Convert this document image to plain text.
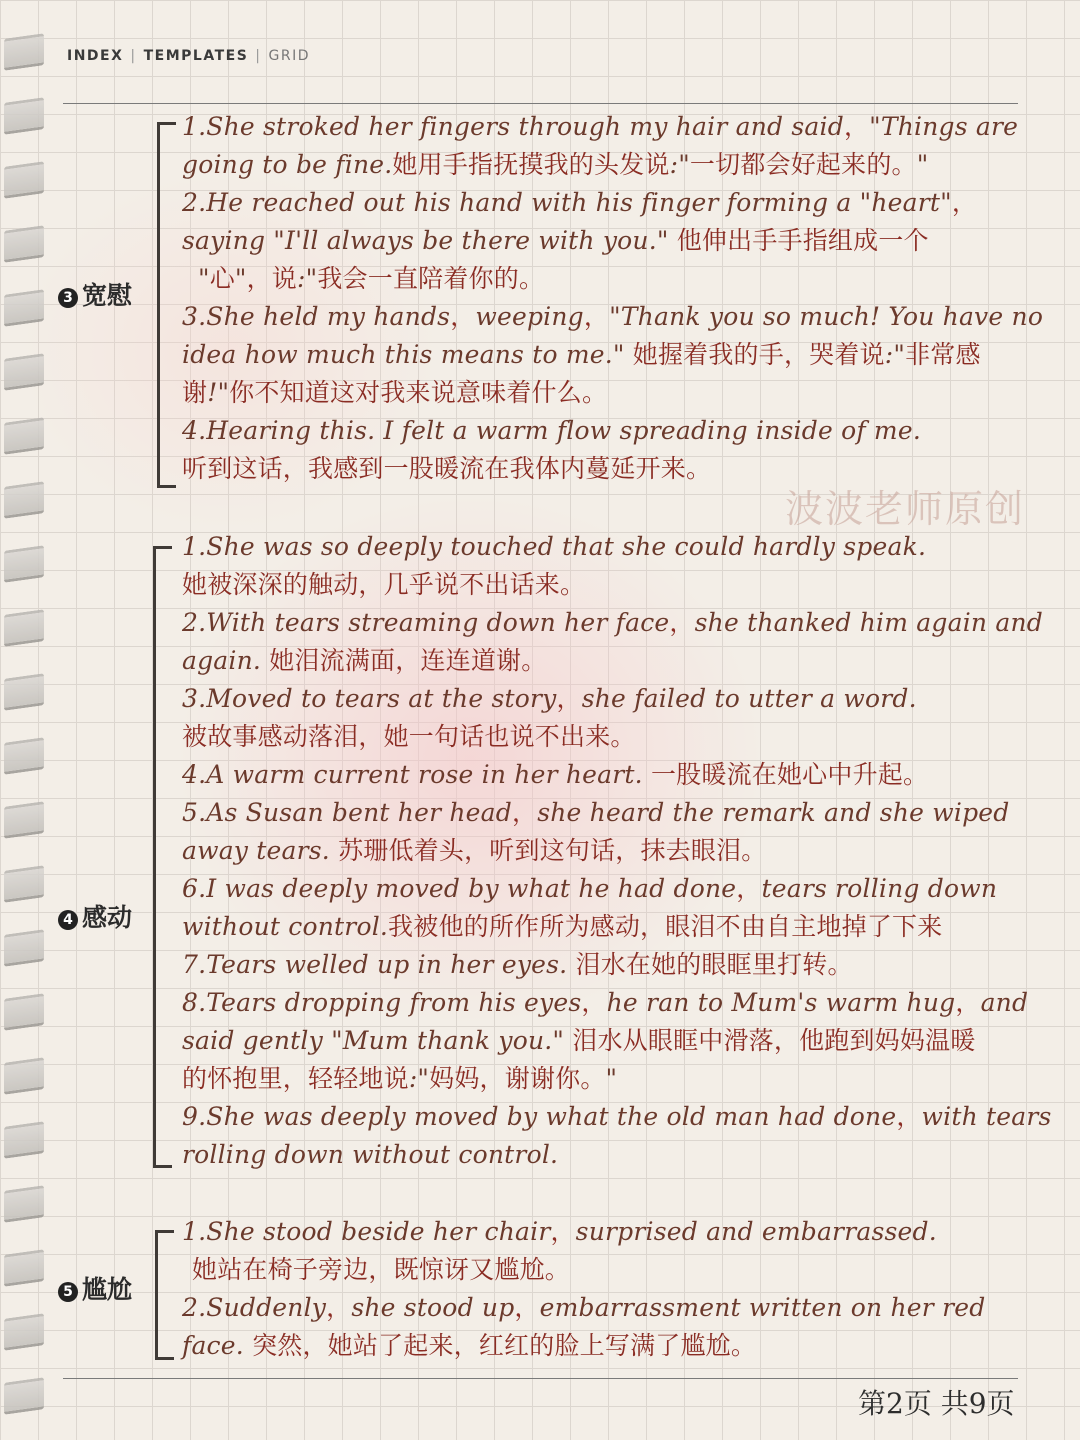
INDEX | TEMPLATES | GRID
3 宽慰

1.She stroked her fingers through my hair and said，"Things are

going to be fine.她用手指抚摸我的头发说:"一切都会好起来的。"

2.He reached out his hand with his finger forming a "heart"，

saying "I'll always be there with you." 他伸出手手指组成一个

"心"，说:"我会一直陪着你的。

3.She held my hands，weeping，"Thank you so much! You have no

idea how much this means to me." 她握着我的手，哭着说:"非常感

谢!"你不知道这对我来说意味着什么。

4.Hearing this. I felt a warm flow spreading inside of me.

听到这话，我感到一股暖流在我体内蔓延开来。

波波老师原创
4 感动

1.She was so deeply touched that she could hardly speak.

她被深深的触动，几乎说不出话来。

2.With tears streaming down her face，she thanked him again and

again. 她泪流满面，连连道谢。

3.Moved to tears at the story，she failed to utter a word.

被故事感动落泪，她一句话也说不出来。

4.A warm current rose in her heart. 一股暖流在她心中升起。

5.As Susan bent her head，she heard the remark and she wiped

away tears. 苏珊低着头，听到这句话，抹去眼泪。

6.I was deeply moved by what he had done，tears rolling down

without control.我被他的所作所为感动，眼泪不由自主地掉了下来

7.Tears welled up in her eyes. 泪水在她的眼眶里打转。

8.Tears dropping from his eyes，he ran to Mum's warm hug，and

said gently "Mum thank you." 泪水从眼眶中滑落，他跑到妈妈温暖

的怀抱里，轻轻地说:"妈妈，谢谢你。"

9.She was deeply moved by what the old man had done，with tears

rolling down without control.

5 尴尬

1.She stood beside her chair，surprised and embarrassed.

她站在椅子旁边，既惊讶又尴尬。

2.Suddenly，she stood up，embarrassment written on her red

face. 突然，她站了起来，红红的脸上写满了尴尬。

第2页 共9页
